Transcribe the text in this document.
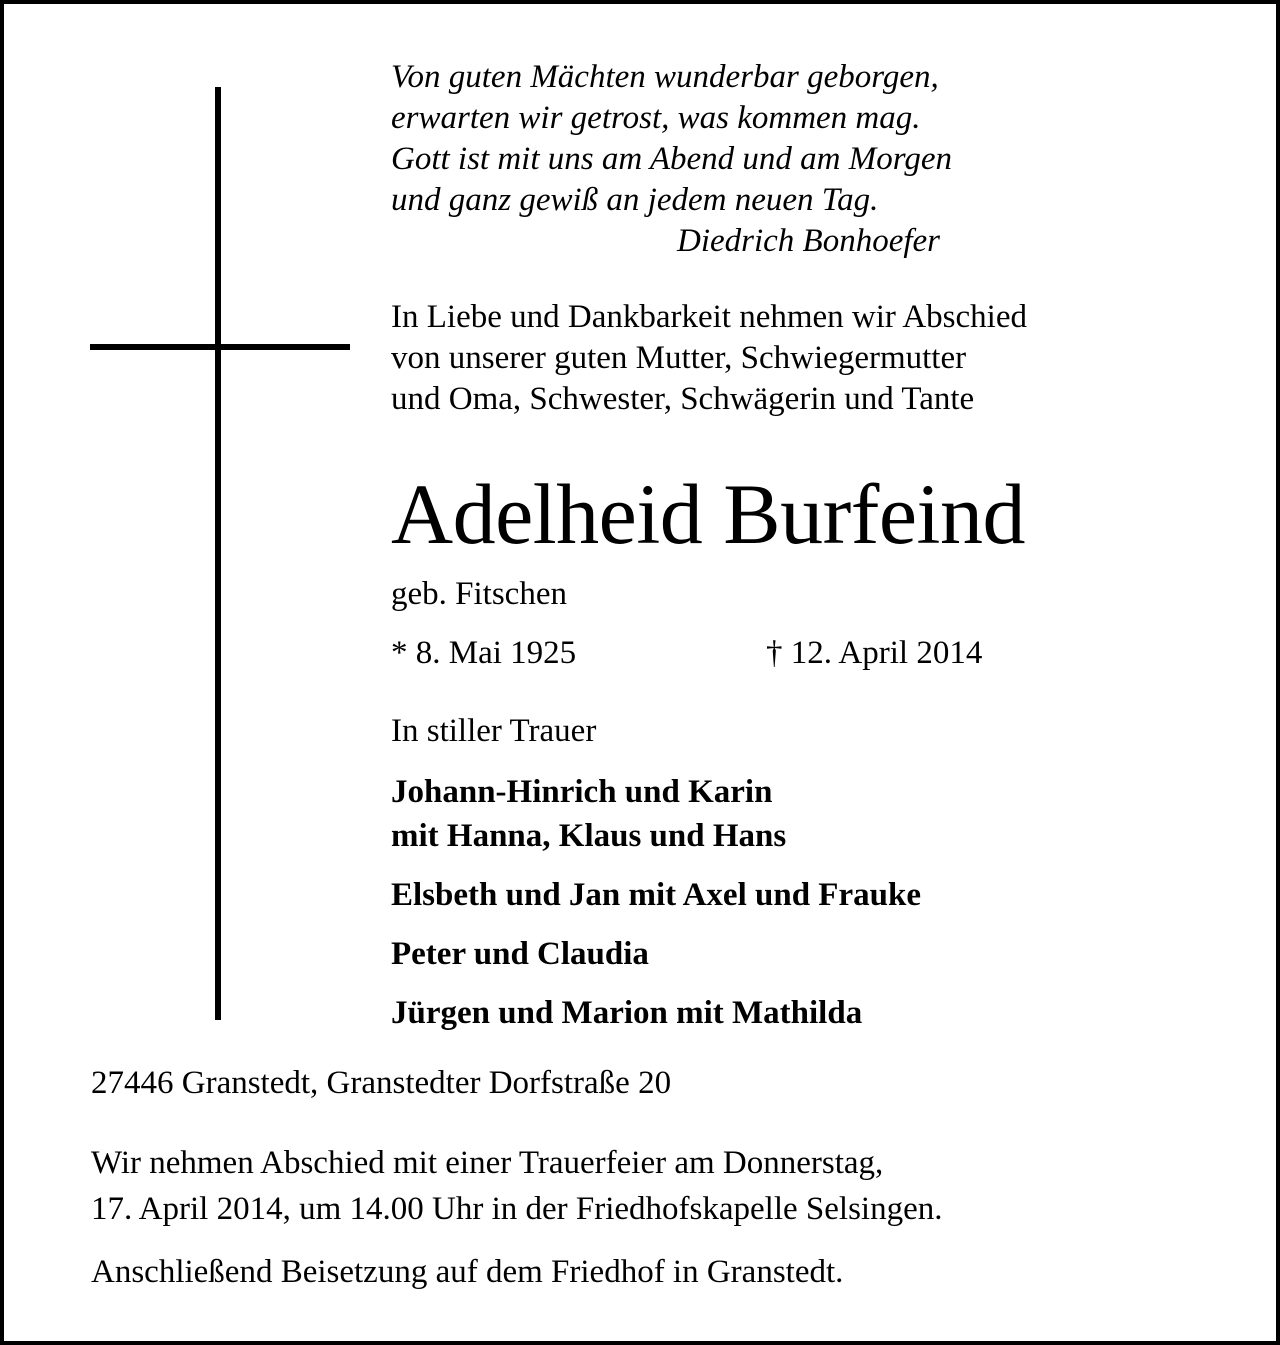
Von guten Mächten wunderbar geborgen,
erwarten wir getrost, was kommen mag.
Gott ist mit uns am Abend und am Morgen
und ganz gewiß an jedem neuen Tag.
Diedrich Bonhoefer
In Liebe und Dankbarkeit nehmen wir Abschied
von unserer guten Mutter, Schwiegermutter
und Oma, Schwester, Schwägerin und Tante
Adelheid Burfeind
geb. Fitschen
* 8. Mai 1925	† 12. April 2014
In stiller Trauer
Johann-Hinrich und Karin
mit Hanna, Klaus und Hans
Elsbeth und Jan mit Axel und Frauke
Peter und Claudia
Jürgen und Marion mit Mathilda
27446 Granstedt, Granstedter Dorfstraße 20
Wir nehmen Abschied mit einer Trauerfeier am Donnerstag,
17. April 2014, um 14.00 Uhr in der Friedhofskapelle Selsingen.
Anschließend Beisetzung auf dem Friedhof in Granstedt.
